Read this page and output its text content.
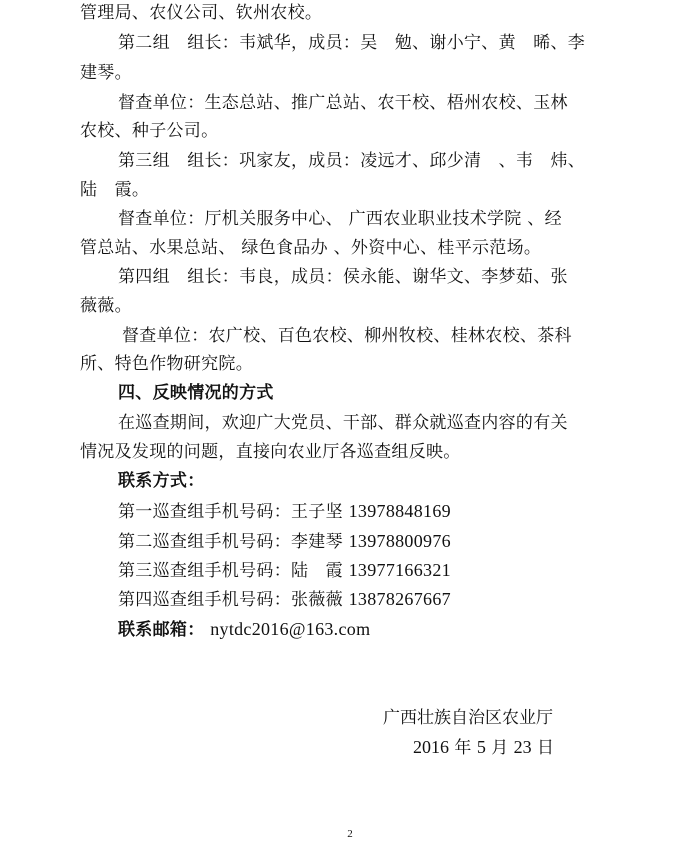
管理局、农仪公司、钦州农校。
第二组　组长：韦斌华，成员：吴　勉、谢小宁、黄　晞、李
建琴。
督查单位：生态总站、推广总站、农干校、梧州农校、玉林
农校、种子公司。
第三组　组长：巩家友，成员：凌远才、邱少清　、韦　炜、
陆　霞。
督查单位：厅机关服务中心、 广西农业职业技术学院 、经
管总站、水果总站、 绿色食品办 、外资中心、桂平示范场。
第四组　组长：韦良，成员：侯永能、谢华文、李梦茹、张
薇薇。
督查单位：农广校、百色农校、柳州牧校、桂林农校、茶科
所、特色作物研究院。
四、反映情况的方式
在巡查期间，欢迎广大党员、干部、群众就巡查内容的有关
情况及发现的问题，直接向农业厅各巡查组反映。
联系方式：
第一巡查组手机号码：王子坚 13978848169
第二巡查组手机号码：李建琴 13978800976
第三巡查组手机号码：陆　霞 13977166321
第四巡查组手机号码：张薇薇 13878267667
联系邮箱： nytdc2016@163.com
广西壮族自治区农业厅
2016 年 5 月 23 日
2
